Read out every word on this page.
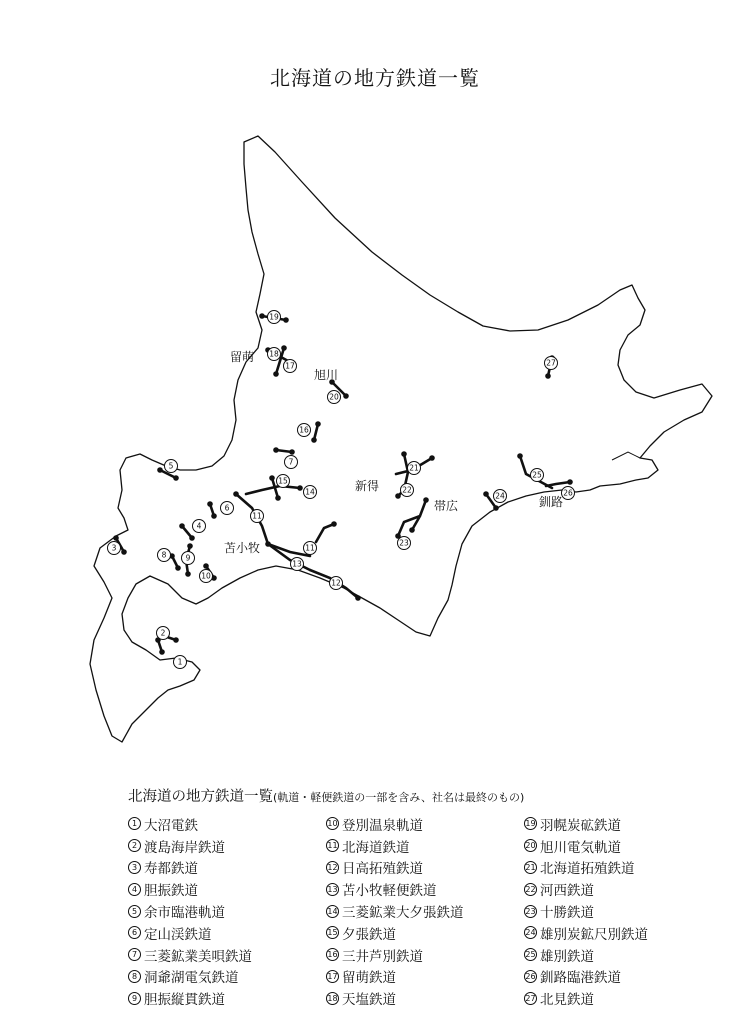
北海道の地方鉄道一覧
1
2
3
4
5
6
7
8	9
10
11
11
12
13
14
15
16
17
18
19
20
21
22
23
24
25
26
27
留萌
旭川
新得
帯広	釧路
苫小牧
北海道の地方鉄道一覧(軌道・軽便鉄道の一部を含み、社名は最終のもの)
1 大沼電鉄
2 渡島海岸鉄道
3 寿都鉄道
4 胆振鉄道
5 余市臨港軌道
6 定山渓鉄道
7 三菱鉱業美唄鉄道
8 洞爺湖電気鉄道
9 胆振縦貫鉄道
10 登別温泉軌道
11 北海道鉄道
12 日高拓殖鉄道
13 苫小牧軽便鉄道
14 三菱鉱業大夕張鉄道
15 夕張鉄道
16 三井芦別鉄道
17 留萌鉄道
18 天塩鉄道
19 羽幌炭砿鉄道
20 旭川電気軌道
21 北海道拓殖鉄道
22 河西鉄道
23 十勝鉄道
24 雄別炭鉱尺別鉄道
25 雄別鉄道
26 釧路臨港鉄道
27 北見鉄道
